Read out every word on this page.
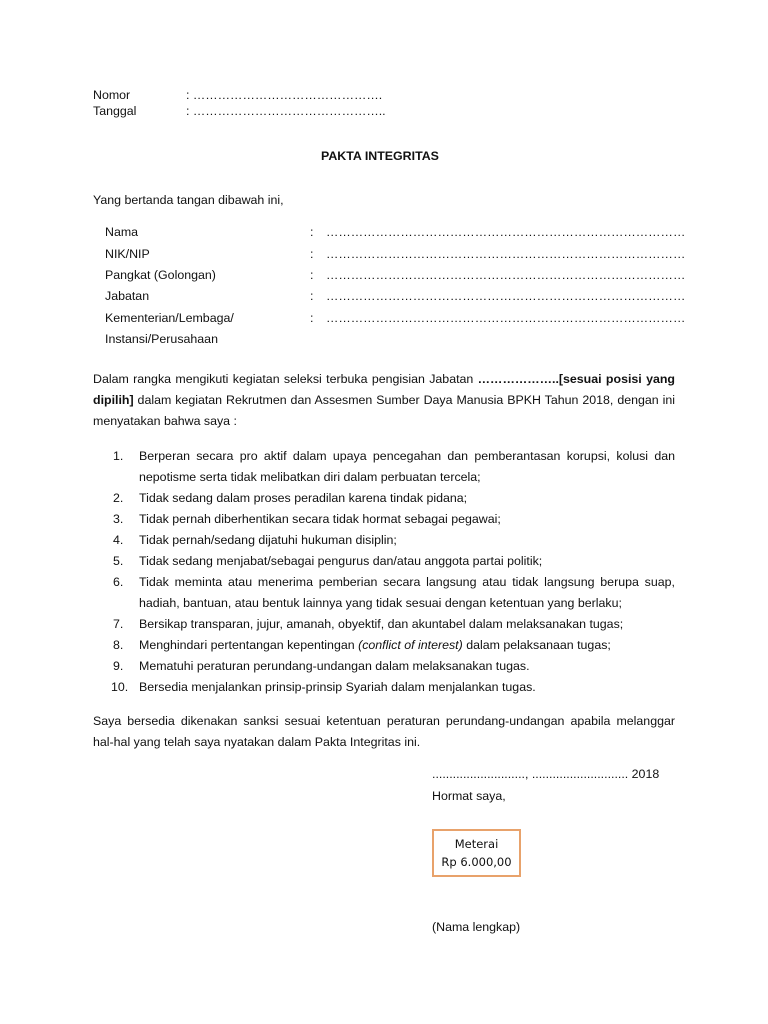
Nomor	: ……………………………………….
Tanggal	: ………………………………………..
PAKTA INTEGRITAS
Yang bertanda tangan dibawah ini,
Nama	: ……………………………………………………………………………
NIK/NIP	: ……………………………………………………………………………
Pangkat (Golongan)	: ……………………………………………………………………………
Jabatan	: ……………………………………………………………………………
Kementerian/Lembaga/	: ……………………………………………………………………………
Instansi/Perusahaan
Dalam rangka mengikuti kegiatan seleksi terbuka pengisian Jabatan ………………..[sesuai posisi yang dipilih] dalam kegiatan Rekrutmen dan Assesmen Sumber Daya Manusia BPKH Tahun 2018, dengan ini menyatakan bahwa saya :
1. Berperan secara pro aktif dalam upaya pencegahan dan pemberantasan korupsi, kolusi dan nepotisme serta tidak melibatkan diri dalam perbuatan tercela;
2. Tidak sedang dalam proses peradilan karena tindak pidana;
3. Tidak pernah diberhentikan secara tidak hormat sebagai pegawai;
4. Tidak pernah/sedang dijatuhi hukuman disiplin;
5. Tidak sedang menjabat/sebagai pengurus dan/atau anggota partai politik;
6. Tidak meminta atau menerima pemberian secara langsung atau tidak langsung berupa suap, hadiah, bantuan, atau bentuk lainnya yang tidak sesuai dengan ketentuan yang berlaku;
7. Bersikap transparan, jujur, amanah, obyektif, dan akuntabel dalam melaksanakan tugas;
8. Menghindari pertentangan kepentingan (conflict of interest) dalam pelaksanaan tugas;
9. Mematuhi peraturan perundang-undangan dalam melaksanakan tugas.
10. Bersedia menjalankan prinsip-prinsip Syariah dalam menjalankan tugas.
Saya bersedia dikenakan sanksi sesuai ketentuan peraturan perundang-undangan apabila melanggar hal-hal yang telah saya nyatakan dalam Pakta Integritas ini.
..........................., ............................ 2018
Hormat saya,
Meterai
Rp 6.000,00
(Nama lengkap)
